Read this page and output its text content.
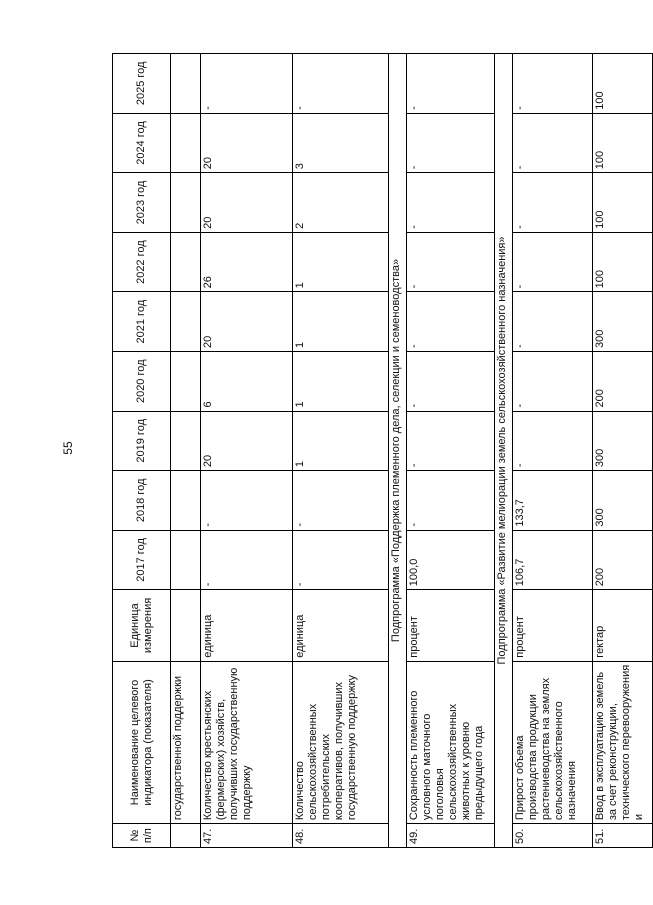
55
№ п/п	Наименование целевого индикатора (показателя)	Единица измерения	2017 год	2018 год	2019 год	2020 год	2021 год	2022 год	2023 год	2024 год	2025 год
	государственной поддержки										
47.	Количество крестьянских (фермерских) хозяйств, получивших государственную поддержку	единица	-	-	20	6	20	26	20	20	-
48.	Количество сельскохозяйственных потребительских кооперативов, получивших государственную поддержку	единица	-	-	1	1	1	1	2	3	-
Подпрограмма «Поддержка племенного дела, селекции и семеноводства»											
49.	Сохранность племенного условного маточного поголовья сельскохозяйственных животных к уровню предыдущего года	процент	100,0	-	-	-	-	-	-	-	-
Подпрограмма «Развитие мелиорации земель сельскохозяйственного назначения»											
50.	Прирост объема производства продукции растениеводства на землях сельскохозяйственного назначения	процент	106,7	133,7	-	-	-	-	-	-	-
51.	Ввод в эксплуатацию земель за счет реконструкции, технического перевооружения и	гектар	200	300	300	200	300	100	100	100	100
